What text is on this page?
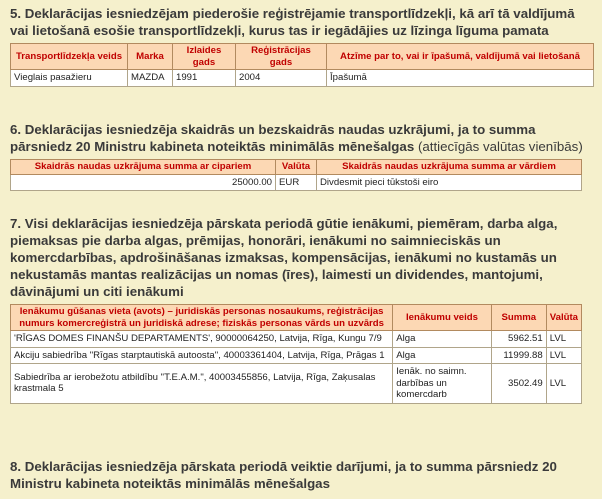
5. Deklarācijas iesniedzējam piederošie reģistrējamie transportlīdzekļi, kā arī tā valdījumā vai lietošanā esošie transportlīdzekļi, kurus tas ir iegādājies uz līzinga līguma pamata

Transportlīdzekļa veids	Marka	Izlaides gads	Reģistrācijas gads	Atzīme par to, vai ir īpašumā, valdījumā vai lietošanā
Vieglais pasažieru	MAZDA	1991	2004	Īpašumā

6. Deklarācijas iesniedzēja skaidrās un bezskaidrās naudas uzkrājumi, ja to summa pārsniedz 20 Ministru kabineta noteiktās minimālās mēnešalgas (attiecīgās valūtas vienībās)

Skaidrās naudas uzkrājuma summa ar cipariem	Valūta	Skaidrās naudas uzkrājuma summa ar vārdiem
25000.00	EUR	Divdesmit pieci tūkstoši eiro

7. Visi deklarācijas iesniedzēja pārskata periodā gūtie ienākumi, piemēram, darba alga, piemaksas pie darba algas, prēmijas, honorāri, ienākumi no saimnieciskās un komercdarbības, apdrošināšanas izmaksas, kompensācijas, ienākumi no kustamās un nekustamās mantas realizācijas un nomas (īres), laimesti un dividendes, mantojumi, dāvinājumi un citi ienākumi

Ienākumu gūšanas vieta (avots) – juridiskās personas nosaukums, reģistrācijas numurs komercreģistrā un juridiskā adrese; fiziskās personas vārds un uzvārds	Ienākumu veids	Summa	Valūta
'RĪGAS DOMES FINANŠU DEPARTAMENTS', 90000064250, Latvija, Rīga, Kungu 7/9	Alga	5962.51	LVL
Akciju sabiedrība "Rīgas starptautiskā autoosta", 40003361404, Latvija, Rīga, Prāgas 1	Alga	11999.88	LVL
Sabiedrība ar ierobežotu atbildību "T.E.A.M.", 40003455856, Latvija, Rīga, Zaķusalas krastmala 5	Ienāk. no saimn. darbības un komercdarb	3502.49	LVL

8. Deklarācijas iesniedzēja pārskata periodā veiktie darījumi, ja to summa pārsniedz 20 Ministru kabineta noteiktās minimālās mēnešalgas
